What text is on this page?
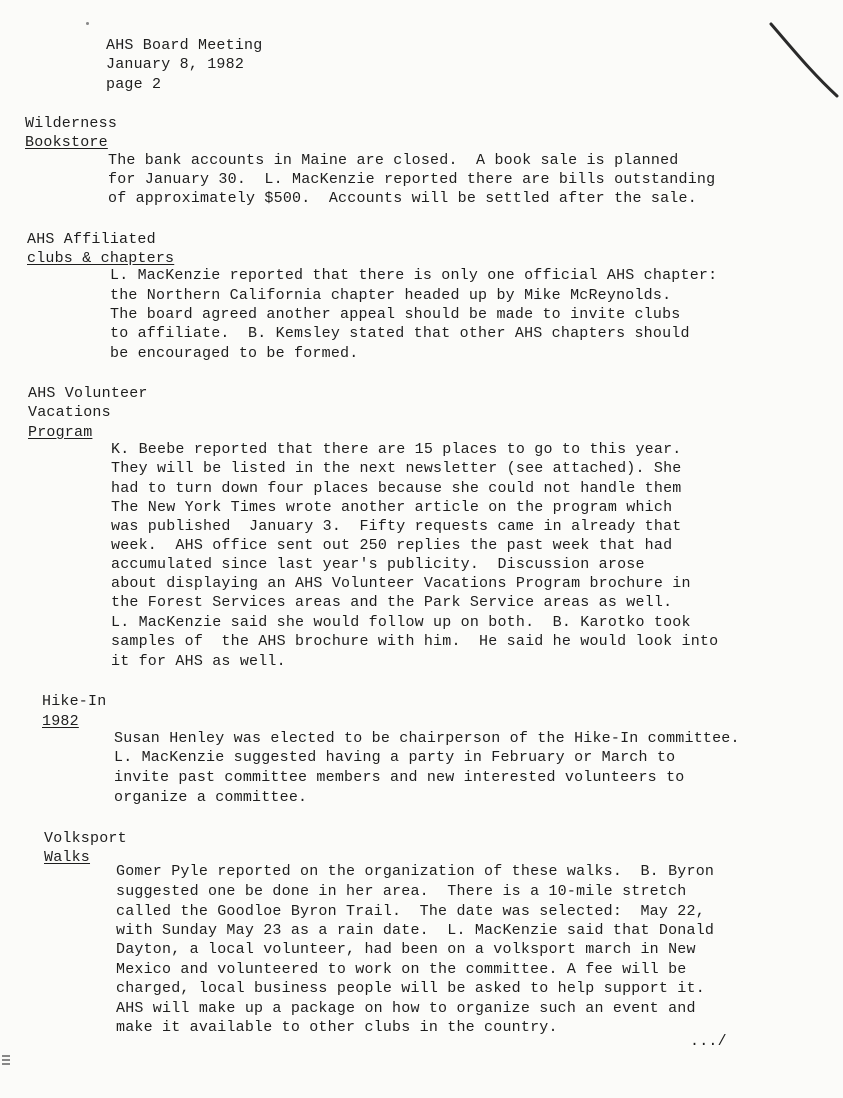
AHS Board Meeting

January 8, 1982

page 2

Wilderness

Bookstore

The bank accounts in Maine are closed.  A book sale is planned

for January 30.  L. MacKenzie reported there are bills outstanding

of approximately $500.  Accounts will be settled after the sale.

AHS Affiliated

clubs & chapters

L. MacKenzie reported that there is only one official AHS chapter:

the Northern California chapter headed up by Mike McReynolds.

The board agreed another appeal should be made to invite clubs

to affiliate.  B. Kemsley stated that other AHS chapters should

be encouraged to be formed.

AHS Volunteer

Vacations

Program

K. Beebe reported that there are 15 places to go to this year.

They will be listed in the next newsletter (see attached). She

had to turn down four places because she could not handle them

The New York Times wrote another article on the program which

was published  January 3.  Fifty requests came in already that

week.  AHS office sent out 250 replies the past week that had

accumulated since last year's publicity.  Discussion arose

about displaying an AHS Volunteer Vacations Program brochure in

the Forest Services areas and the Park Service areas as well.

L. MacKenzie said she would follow up on both.  B. Karotko took

samples of  the AHS brochure with him.  He said he would look into

it for AHS as well.

Hike-In

1982

Susan Henley was elected to be chairperson of the Hike-In committee.

L. MacKenzie suggested having a party in February or March to

invite past committee members and new interested volunteers to

organize a committee.

Volksport

Walks

Gomer Pyle reported on the organization of these walks.  B. Byron

suggested one be done in her area.  There is a 10-mile stretch

called the Goodloe Byron Trail.  The date was selected:  May 22,

with Sunday May 23 as a rain date.  L. MacKenzie said that Donald

Dayton, a local volunteer, had been on a volksport march in New

Mexico and volunteered to work on the committee. A fee will be

charged, local business people will be asked to help support it.

AHS will make up a package on how to organize such an event and

make it available to other clubs in the country.

.../
